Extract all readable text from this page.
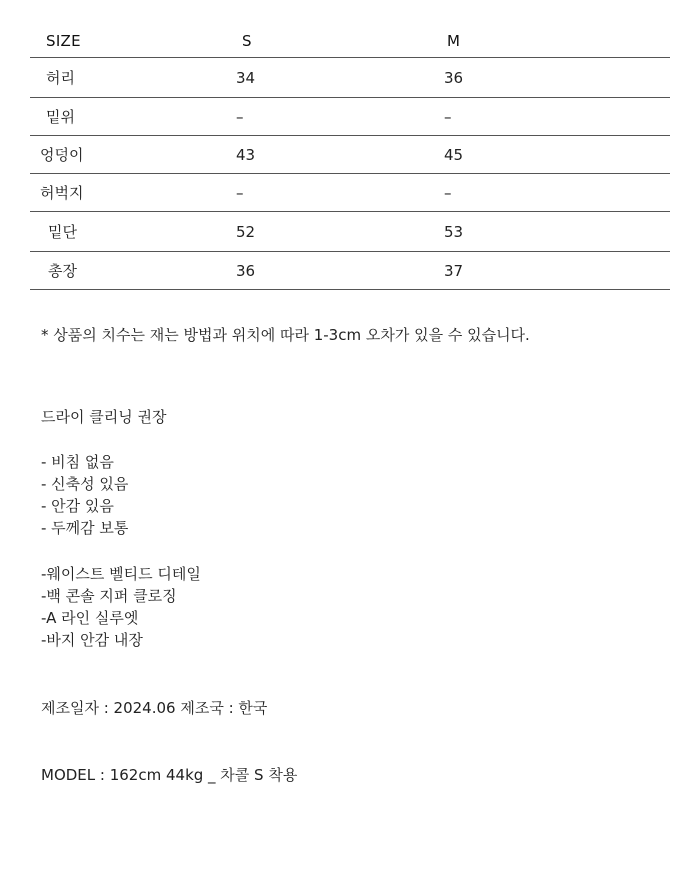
SIZE	S	M
허리	34	36
밑위	–	–
엉덩이	43	45
허벅지	–	–
밑단	52	53
총장	36	37
* 상품의 치수는 재는 방법과 위치에 따라 1-3cm 오차가 있을 수 있습니다.
드라이 클리닝 권장
- 비침 없음
- 신축성 있음
- 안감 있음
- 두께감 보통
-웨이스트 벨티드 디테일
-백 콘솔 지퍼 클로징
-A 라인 실루엣
-바지 안감 내장
제조일자 : 2024.06 제조국 : 한국
MODEL : 162cm 44kg _ 차콜 S 착용
